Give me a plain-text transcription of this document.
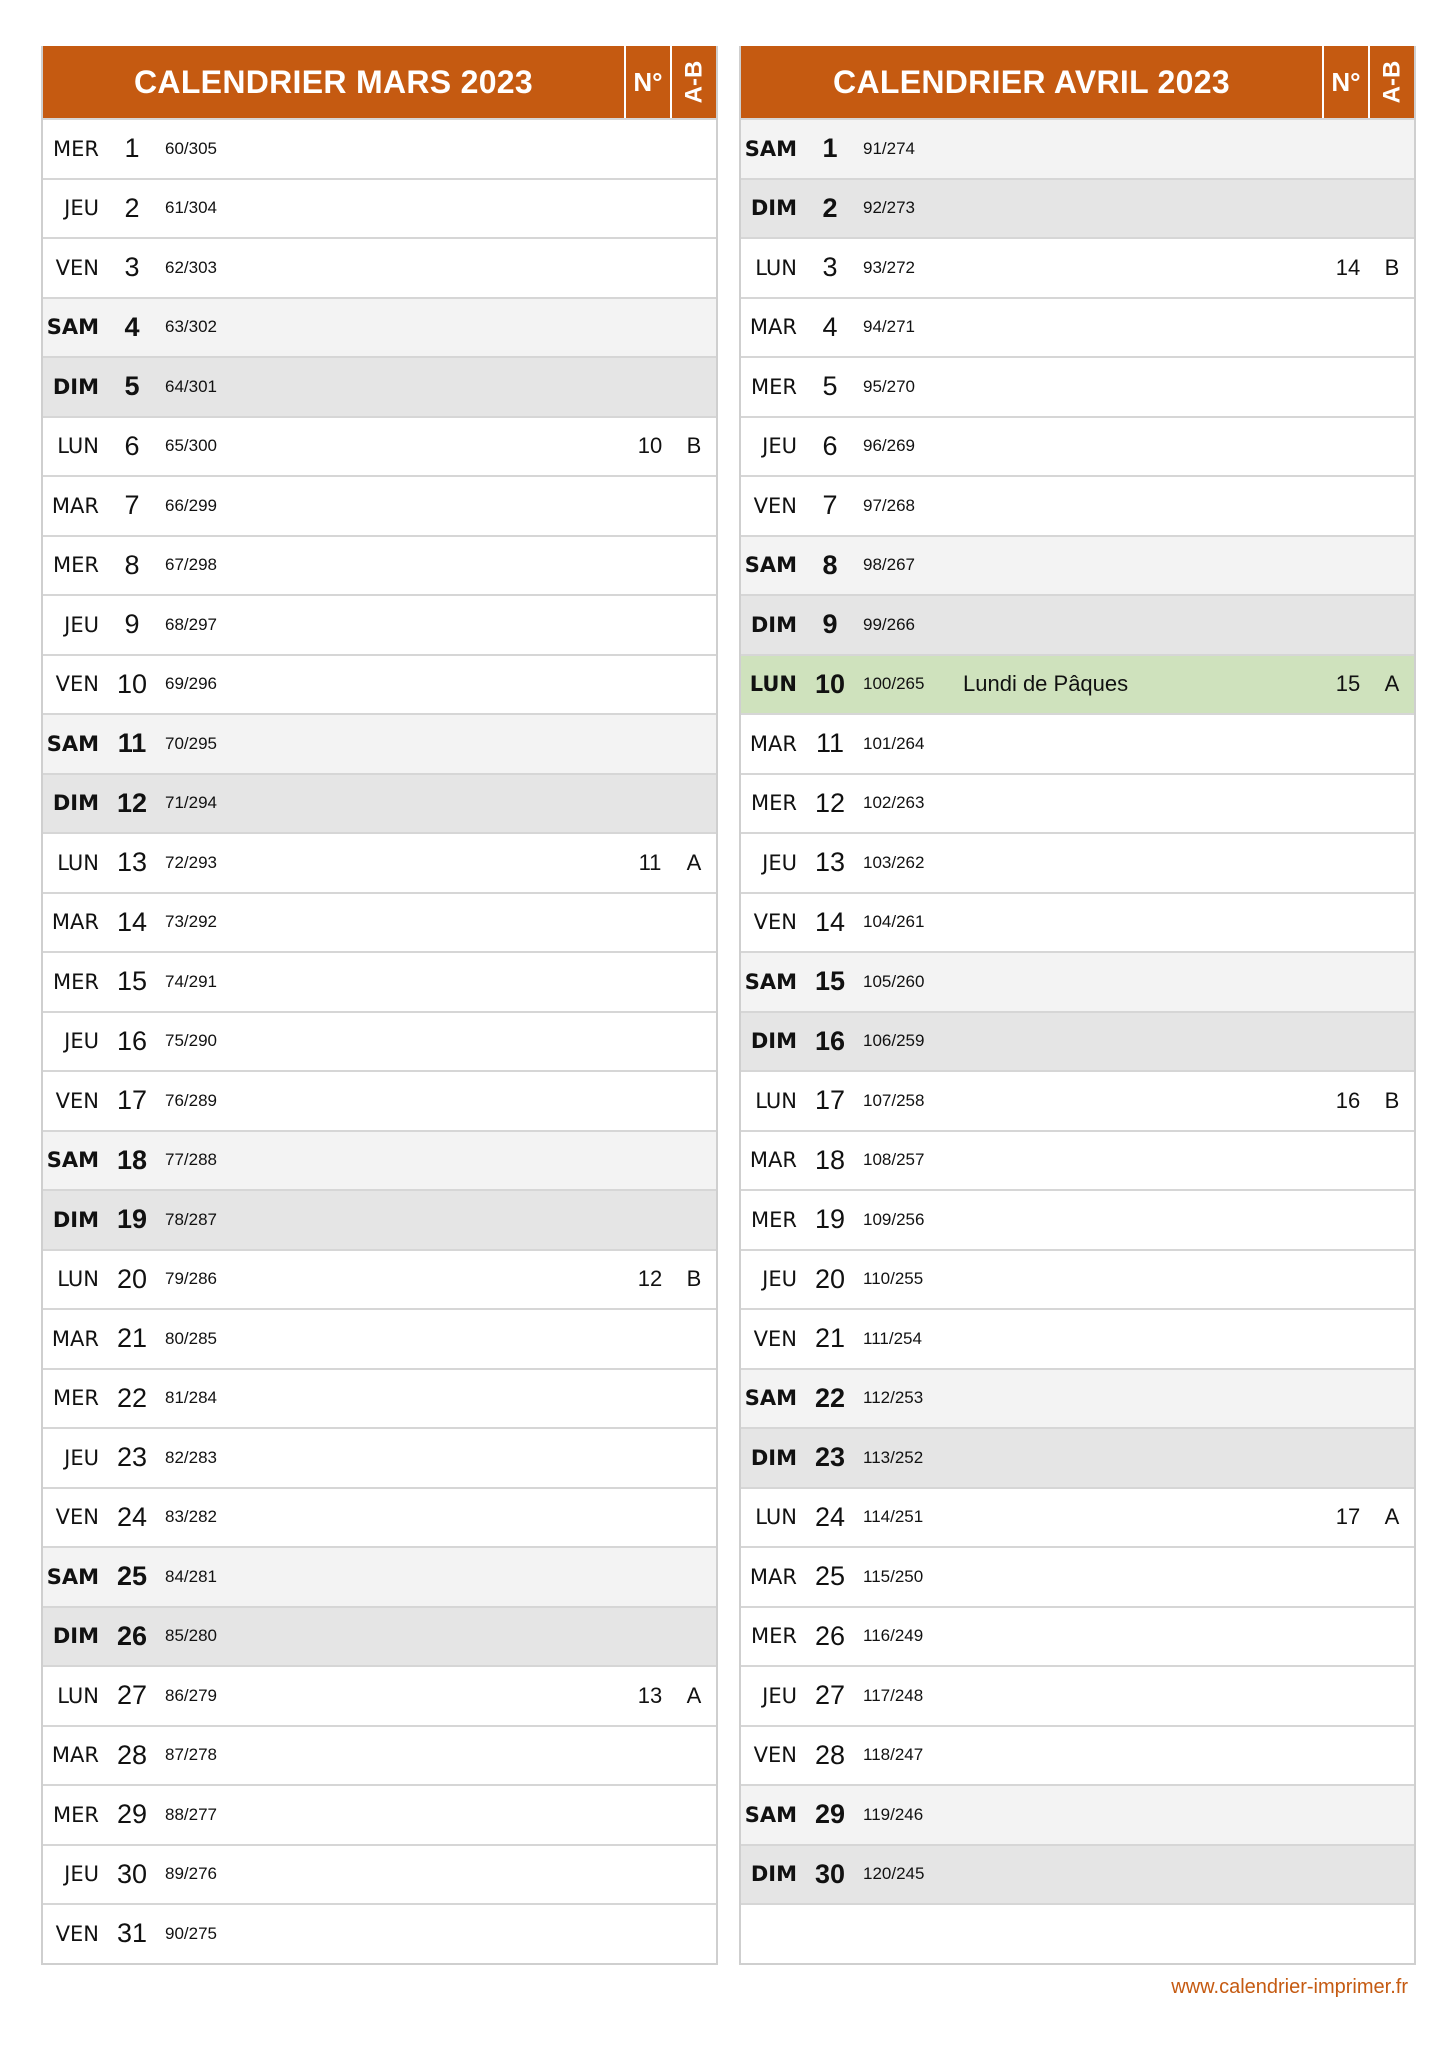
CALENDRIER MARS 2023	N° A-B
MER 1	60/305
JEU 2	61/304
VEN 3	62/303
SAM 4	63/302
DIM 5	64/301
LUN 6	65/300	10	B
MAR 7	66/299
MER 8	67/298
JEU 9	68/297
VEN 10	69/296
SAM 11	70/295
DIM 12	71/294
LUN 13	72/293	11	A
MAR 14	73/292
MER 15	74/291
JEU 16	75/290
VEN 17	76/289
SAM 18	77/288
DIM 19	78/287
LUN 20	79/286	12	B
MAR 21	80/285
MER 22	81/284
JEU 23	82/283
VEN 24	83/282
SAM 25	84/281
DIM 26	85/280
LUN 27	86/279	13	A
MAR 28	87/278
MER 29	88/277
JEU 30	89/276
VEN 31	90/275
CALENDRIER AVRIL 2023	N° A-B
SAM 1	91/274
DIM 2	92/273
LUN 3	93/272	14	B
MAR 4	94/271
MER 5	95/270
JEU 6	96/269
VEN 7	97/268
SAM 8	98/267
DIM 9	99/266
LUN 10	100/265	Lundi de Pâques	15	A
MAR 11	101/264
MER 12	102/263
JEU 13	103/262
VEN 14	104/261
SAM 15	105/260
DIM 16	106/259
LUN 17	107/258	16	B
MAR 18	108/257
MER 19	109/256
JEU 20	110/255
VEN 21	111/254
SAM 22	112/253
DIM 23	113/252
LUN 24	114/251	17	A
MAR 25	115/250
MER 26	116/249
JEU 27	117/248
VEN 28	118/247
SAM 29	119/246
DIM 30	120/245
www.calendrier-imprimer.fr
